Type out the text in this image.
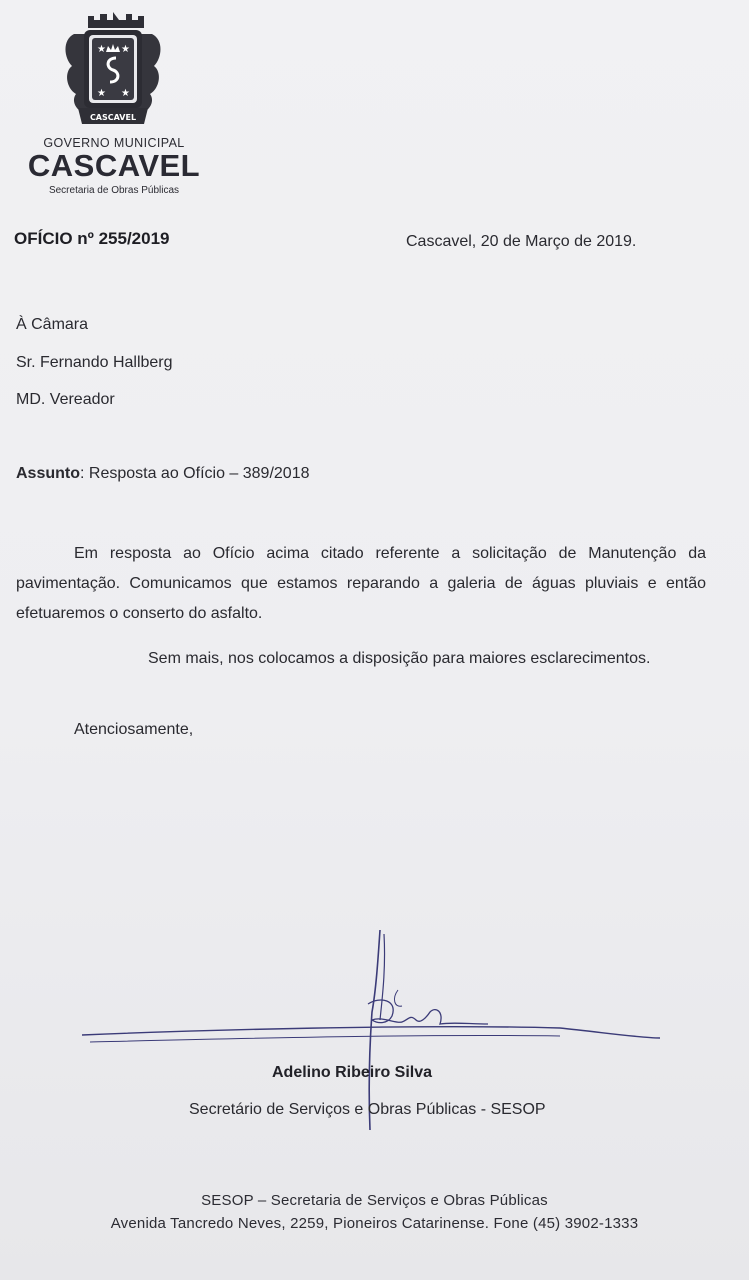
★ ★
★ ★
CASCAVEL
GOVERNO MUNICIPAL
CASCAVEL
Secretaria de Obras Públicas
OFÍCIO nº 255/2019	Cascavel, 20 de Março de 2019.
À Câmara
Sr. Fernando Hallberg
MD. Vereador
Assunto: Resposta ao Ofício – 389/2018
Em resposta ao Ofício acima citado referente a solicitação de Manutenção da pavimentação. Comunicamos que estamos reparando a galeria de águas pluviais e então efetuaremos o conserto do asfalto.
Sem mais, nos colocamos a disposição para maiores esclarecimentos.
Atenciosamente,
Adelino Ribeiro Silva
Secretário de Serviços e Obras Públicas - SESOP
SESOP – Secretaria de Serviços e Obras Públicas
Avenida Tancredo Neves, 2259, Pioneiros Catarinense. Fone (45) 3902-1333
